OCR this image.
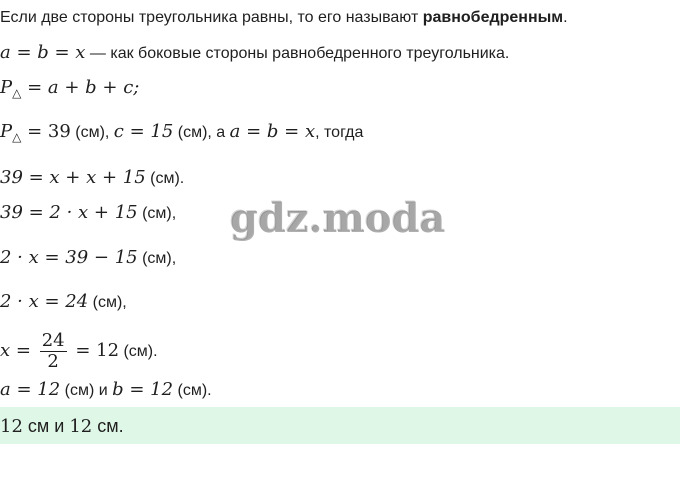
Если две стороны треугольника равны, то его называют равнобедренным.
a = b = x — как боковые стороны равнобедренного треугольника.
$P_\triangle = a + b + c$;
$P_\triangle = 39$ (см), c = 15 (см), а a = b = x, тогда
39 = x + x + 15 (см).
39 = 2 · x + 15 (см),
2 · x = 39 − 15 (см),
2 · x = 24 (см),
$x = \frac{24}{2} = 12$ (см).
a = 12 (см) и b = 12 (см).
12 см и 12 см.
gdz.moda
